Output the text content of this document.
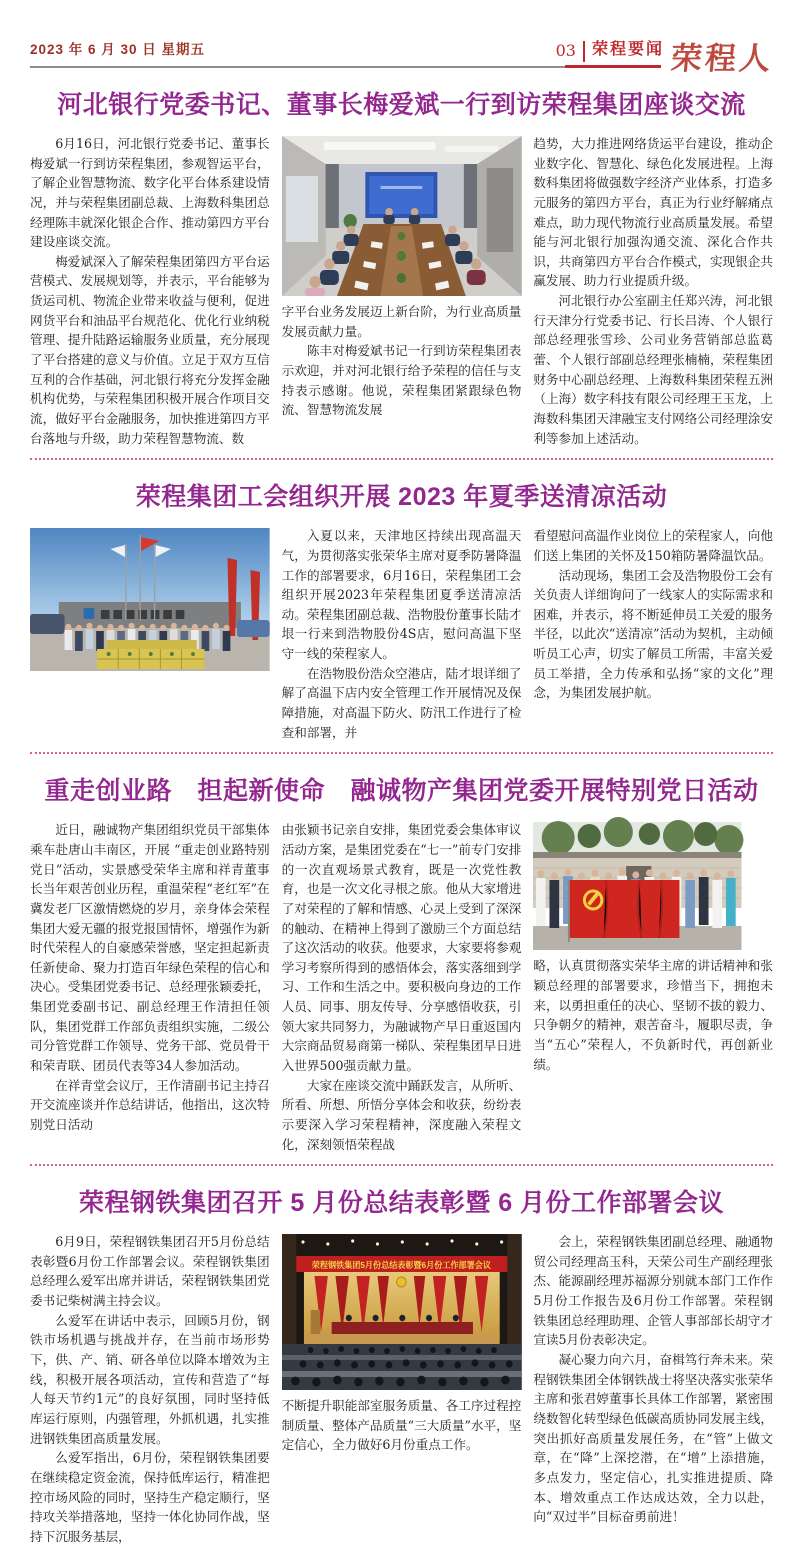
2023 年 6 月 30 日 星期五	03 荣程要闻 荣程人
河北银行党委书记、董事长梅爱斌一行到访荣程集团座谈交流

6月16日，河北银行党委书记、董事长梅爱斌一行到访荣程集团，参观智运平台，了解企业智慧物流、数字化平台体系建设情况，并与荣程集团副总裁、上海数科集团总经理陈丰就深化银企合作、推动第四方平台建设座谈交流。

梅爱斌深入了解荣程集团第四方平台运营模式、发展规划等，并表示，平台能够为货运司机、物流企业带来收益与便利，促进网货平台和油品平台规范化、优化行业纳税管理、提升陆路运输服务业质量，充分展现了平台搭建的意义与价值。立足于双方互信互利的合作基础，河北银行将充分发挥金融机构优势，与荣程集团积极开展合作项目交流，做好平台金融服务，加快推进第四方平台落地与升级，助力荣程智慧物流、数

字平台业务发展迈上新台阶，为行业高质量发展贡献力量。

陈丰对梅爱斌书记一行到访荣程集团表示欢迎，并对河北银行给予荣程的信任与支持表示感谢。他说，荣程集团紧跟绿色物流、智慧物流发展

趋势，大力推进网络货运平台建设，推动企业数字化、智慧化、绿色化发展进程。上海数科集团将做强数字经济产业体系，打造多元服务的第四方平台，真正为行业纾解痛点难点，助力现代物流行业高质量发展。希望能与河北银行加强沟通交流、深化合作共识，共商第四方平台合作模式，实现银企共赢发展、助力行业提质升级。

河北银行办公室副主任郑兴涛，河北银行天津分行党委书记、行长吕涛、个人银行部总经理张雪珍、公司业务营销部总监葛蕾、个人银行部副总经理张楠楠，荣程集团财务中心副总经理、上海数科集团荣程五洲（上海）数字科技有限公司经理王玉龙，上海数科集团天津融宝支付网络公司经理涂安利等参加上述活动。

荣程集团工会组织开展 2023 年夏季送清凉活动

入夏以来，天津地区持续出现高温天气，为贯彻落实张荣华主席对夏季防暑降温工作的部署要求，6月16日，荣程集团工会组织开展2023年荣程集团夏季送清凉活动。荣程集团副总裁、浩物股份董事长陆才垠一行来到浩物股份4S店，慰问高温下坚守一线的荣程家人。

在浩物股份浩众空港店，陆才垠详细了解了高温下店内安全管理工作开展情况及保障措施，对高温下防火、防汛工作进行了检查和部署，并

看望慰问高温作业岗位上的荣程家人，向他们送上集团的关怀及150箱防暑降温饮品。

活动现场，集团工会及浩物股份工会有关负责人详细询问了一线家人的实际需求和困难，并表示，将不断延伸员工关爱的服务半径，以此次“送清凉”活动为契机，主动倾听员工心声，切实了解员工所需，丰富关爱员工举措，全力传承和弘扬“家的文化”理念，为集团发展护航。

重走创业路　担起新使命　融诚物产集团党委开展特别党日活动

近日，融诚物产集团组织党员干部集体乘车赴唐山丰南区，开展 “重走创业路特别党日”活动，实景感受荣华主席和祥青董事长当年艰苦创业历程，重温荣程“老红军”在冀发老厂区激情燃烧的岁月，亲身体会荣程集团大爱无疆的报党报国情怀，增强作为新时代荣程人的自豪感荣誉感，坚定担起新责任新使命、聚力打造百年绿色荣程的信心和决心。受集团党委书记、总经理张颖委托，集团党委副书记、副总经理王作清担任领队，集团党群工作部负责组织实施，二级公司分管党群工作领导、党务干部、党员骨干和荣青联、团员代表等34人参加活动。

在祥青堂会议厅，王作清副书记主持召开交流座谈并作总结讲话，他指出，这次特别党日活动

由张颖书记亲自安排，集团党委会集体审议活动方案，是集团党委在“七一”前专门安排的一次直观场景式教育，既是一次党性教育，也是一次文化寻根之旅。他从大家增进了对荣程的了解和情感、心灵上受到了深深的触动、在精神上得到了激励三个方面总结了这次活动的收获。他要求，大家要将参观学习考察所得到的感悟体会，落实落细到学习、工作和生活之中。要积极向身边的工作人员、同事、朋友传导、分享感悟收获，引领大家共同努力，为融诚物产早日重返国内大宗商品贸易商第一梯队、荣程集团早日进入世界500强贡献力量。

大家在座谈交流中踊跃发言，从所听、所看、所想、所悟分享体会和收获，纷纷表示要深入学习荣程精神，深度融入荣程文化，深刻领悟荣程战

略，认真贯彻落实荣华主席的讲话精神和张颖总经理的部署要求，珍惜当下，拥抱未来，以勇担重任的决心、坚韧不拔的毅力、只争朝夕的精神，艰苦奋斗，履职尽责，争当“五心”荣程人，不负新时代，再创新业绩。

荣程钢铁集团召开 5 月份总结表彰暨 6 月份工作部署会议

6月9日，荣程钢铁集团召开5月份总结表彰暨6月份工作部署会议。荣程钢铁集团总经理么爱军出席并讲话，荣程钢铁集团党委书记柴树满主持会议。

么爱军在讲话中表示，回顾5月份，钢铁市场机遇与挑战并存，在当前市场形势下，供、产、销、研各单位以降本增效为主线，积极开展各项活动，宣传和营造了“每人每天节约1元”的良好氛围，同时坚持低库运行原则，内强管理，外抓机遇，扎实推进钢铁集团高质量发展。

么爱军指出，6月份，荣程钢铁集团要在继续稳定资金流，保持低库运行，精准把控市场风险的同时，坚持生产稳定顺行，坚持攻关举措落地，坚持一体化协同作战，坚持下沉服务基层，

荣程钢铁集团5月份总结表彰暨6月份工作部署会议

不断提升职能部室服务质量、各工序过程控制质量、整体产品质量“三大质量”水平，坚定信心，全力做好6月份重点工作。

会上，荣程钢铁集团副总经理、融通物贸公司经理高玉科，天荣公司生产副经理张杰、能源副经理苏福源分别就本部门工作作5月份工作报告及6月份工作部署。荣程钢铁集团总经理助理、企管人事部部长胡守才宣读5月份表彰决定。

凝心聚力向六月，奋楫笃行奔未来。荣程钢铁集团全体钢铁战士将坚决落实张荣华主席和张君婷董事长具体工作部署，紧密围绕数智化转型绿色低碳高质协同发展主线，突出抓好高质量发展任务，在“管”上做文章，在“降”上深挖潜，在“增”上添措施，多点发力，坚定信心，扎实推进提质、降本、增效重点工作达成达效，全力以赴，向“双过半”目标奋勇前进！
